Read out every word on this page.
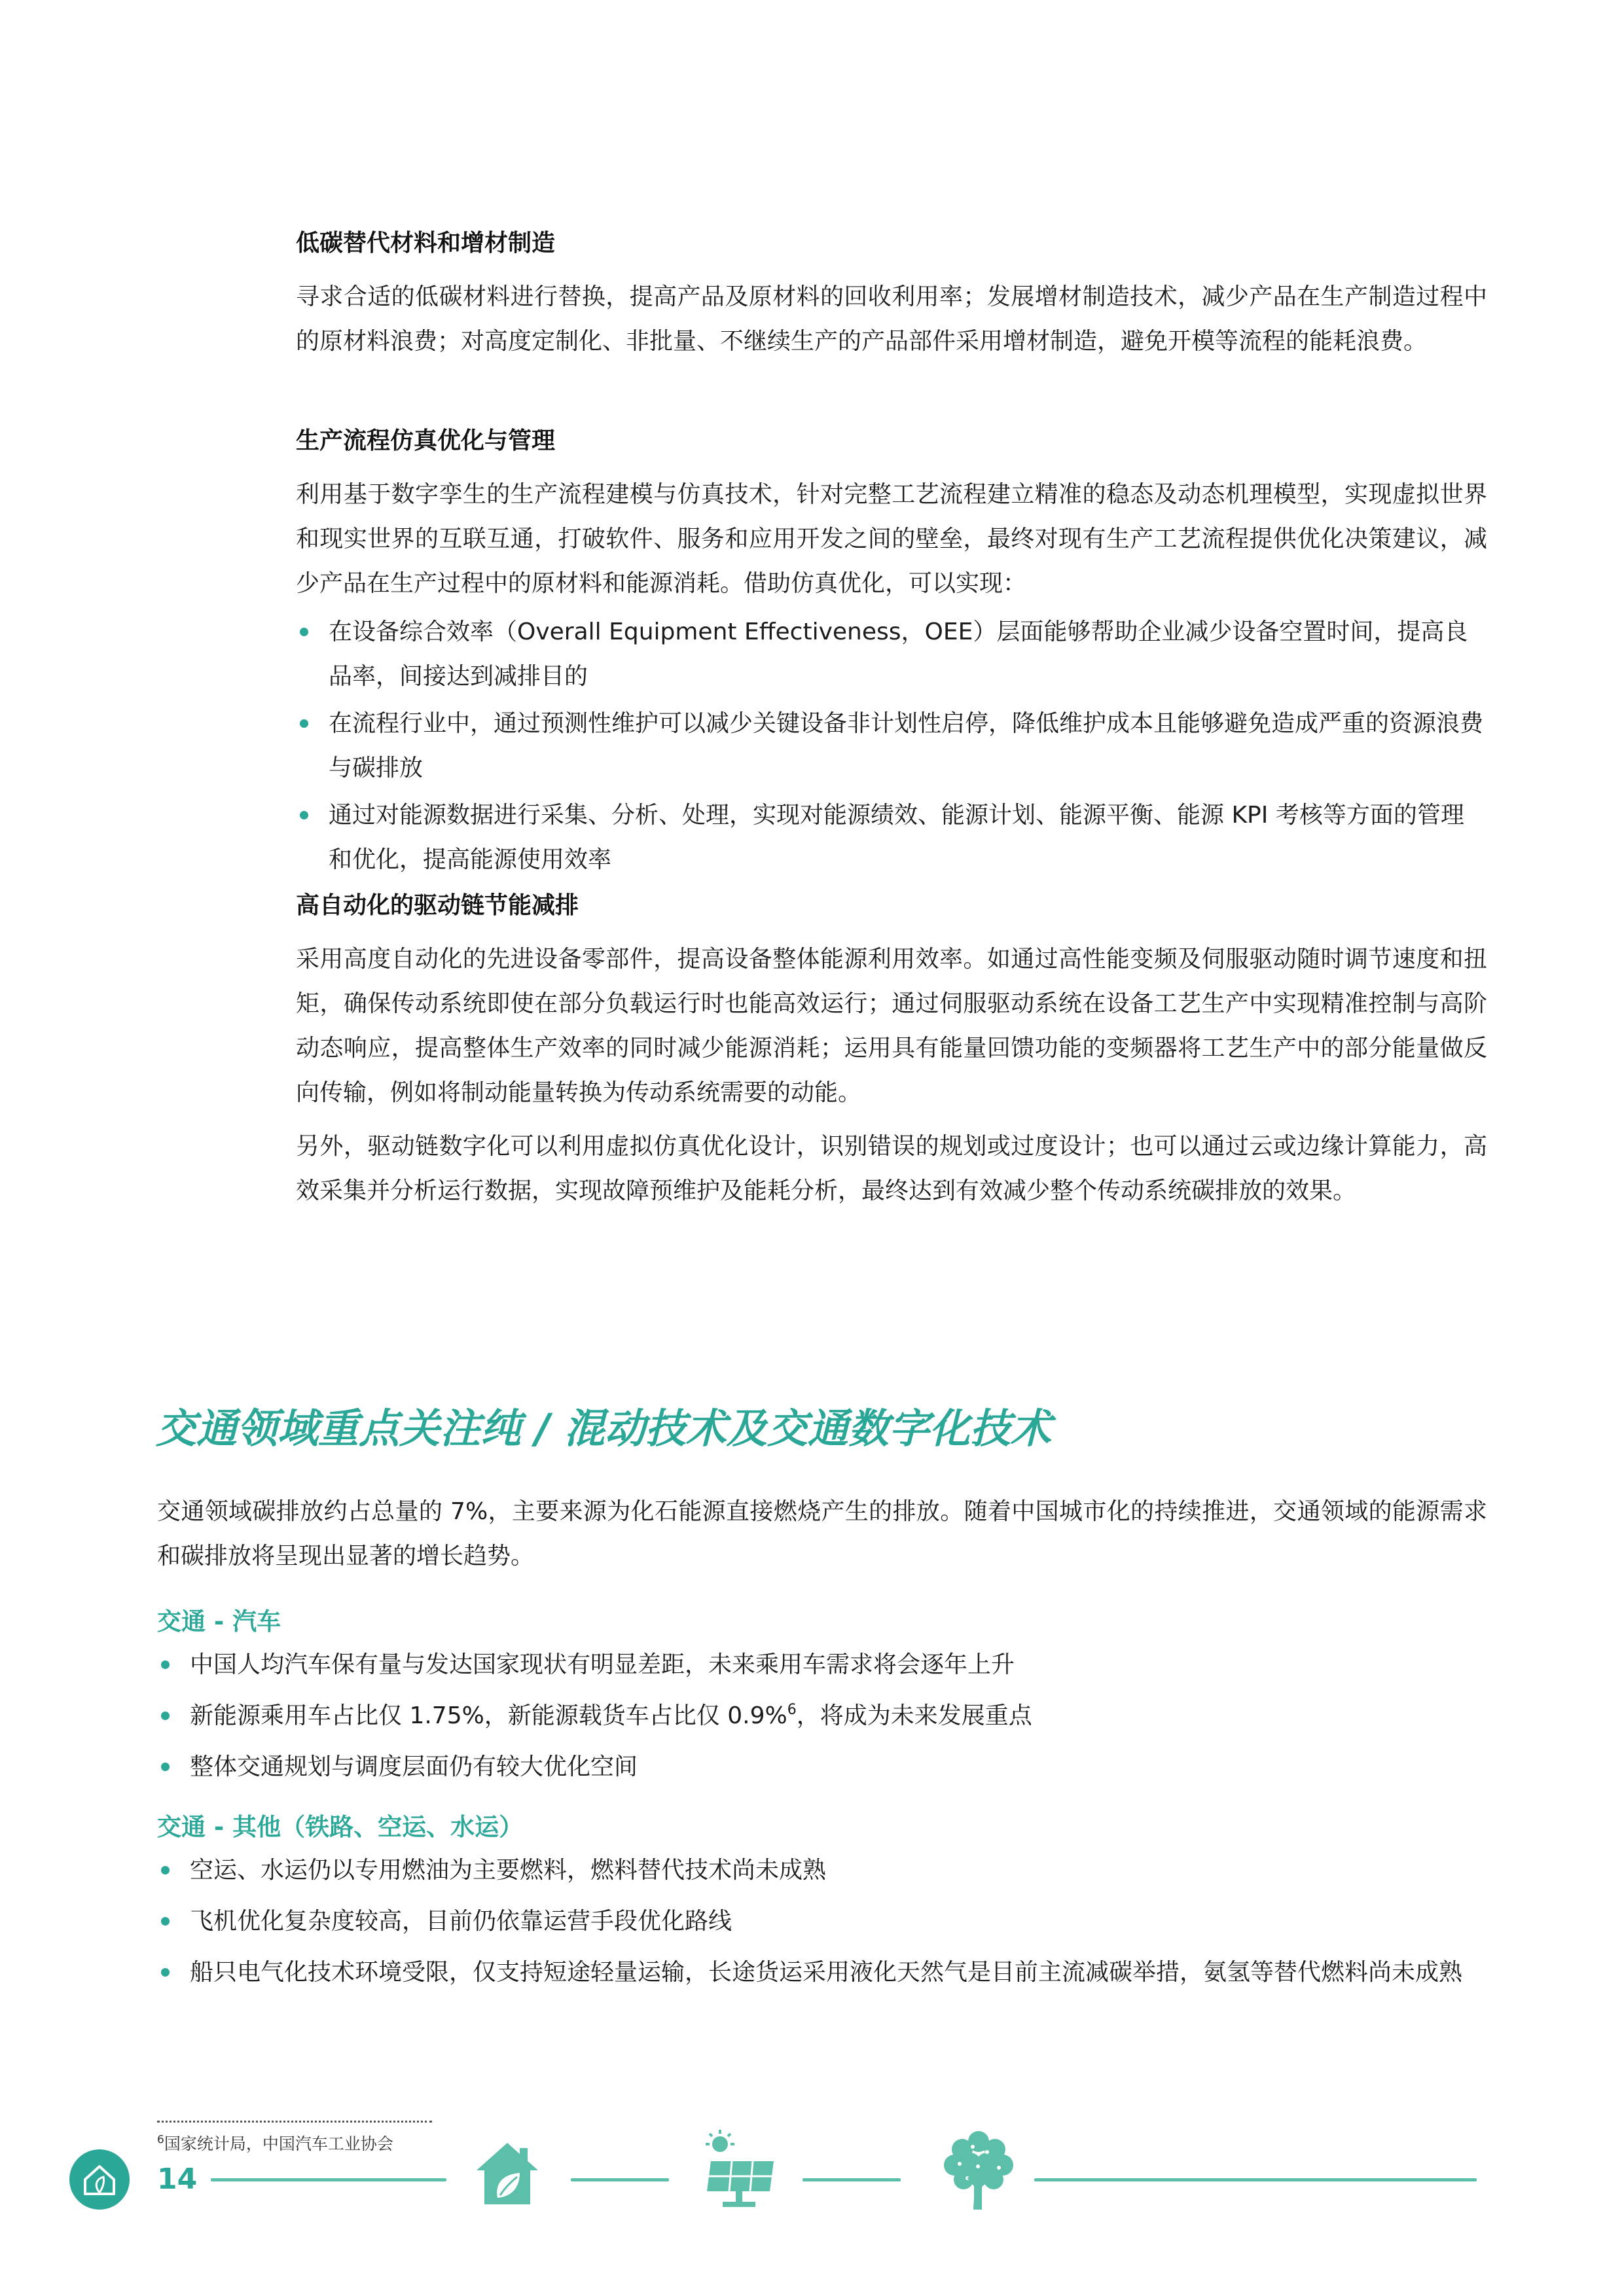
低碳替代材料和增材制造

寻求合适的低碳材料进行替换，提高产品及原材料的回收利用率；发展增材制造技术，减少产品在生产制造过程中的原材料浪费；对高度定制化、非批量、不继续生产的产品部件采用增材制造，避免开模等流程的能耗浪费。

生产流程仿真优化与管理

利用基于数字孪生的生产流程建模与仿真技术，针对完整工艺流程建立精准的稳态及动态机理模型，实现虚拟世界和现实世界的互联互通，打破软件、服务和应用开发之间的壁垒，最终对现有生产工艺流程提供优化决策建议，减少产品在生产过程中的原材料和能源消耗。借助仿真优化，可以实现：

在设备综合效率（Overall Equipment Effectiveness，OEE）层面能够帮助企业减少设备空置时间，提高良品率，间接达到减排目的
在流程行业中，通过预测性维护可以减少关键设备非计划性启停，降低维护成本且能够避免造成严重的资源浪费与碳排放
通过对能源数据进行采集、分析、处理，实现对能源绩效、能源计划、能源平衡、能源 KPI 考核等方面的管理和优化，提高能源使用效率
高自动化的驱动链节能减排

采用高度自动化的先进设备零部件，提高设备整体能源利用效率。如通过高性能变频及伺服驱动随时调节速度和扭矩，确保传动系统即使在部分负载运行时也能高效运行；通过伺服驱动系统在设备工艺生产中实现精准控制与高阶动态响应，提高整体生产效率的同时减少能源消耗；运用具有能量回馈功能的变频器将工艺生产中的部分能量做反向传输，例如将制动能量转换为传动系统需要的动能。

另外，驱动链数字化可以利用虚拟仿真优化设计，识别错误的规划或过度设计；也可以通过云或边缘计算能力，高效采集并分析运行数据，实现故障预维护及能耗分析，最终达到有效减少整个传动系统碳排放的效果。

交通领域重点关注纯 / 混动技术及交通数字化技术

交通领域碳排放约占总量的 7%，主要来源为化石能源直接燃烧产生的排放。随着中国城市化的持续推进，交通领域的能源需求和碳排放将呈现出显著的增长趋势。

交通 - 汽车
中国人均汽车保有量与发达国家现状有明显差距，未来乘用车需求将会逐年上升
新能源乘用车占比仅 1.75%，新能源载货车占比仅 0.9%$^6$，将成为未来发展重点
整体交通规划与调度层面仍有较大优化空间
交通 - 其他（铁路、空运、水运）
空运、水运仍以专用燃油为主要燃料，燃料替代技术尚未成熟
飞机优化复杂度较高，目前仍依靠运营手段优化路线
船只电气化技术环境受限，仅支持短途轻量运输，长途货运采用液化天然气是目前主流减碳举措，氨氢等替代燃料尚未成熟
$^6$国家统计局，中国汽车工业协会
14
